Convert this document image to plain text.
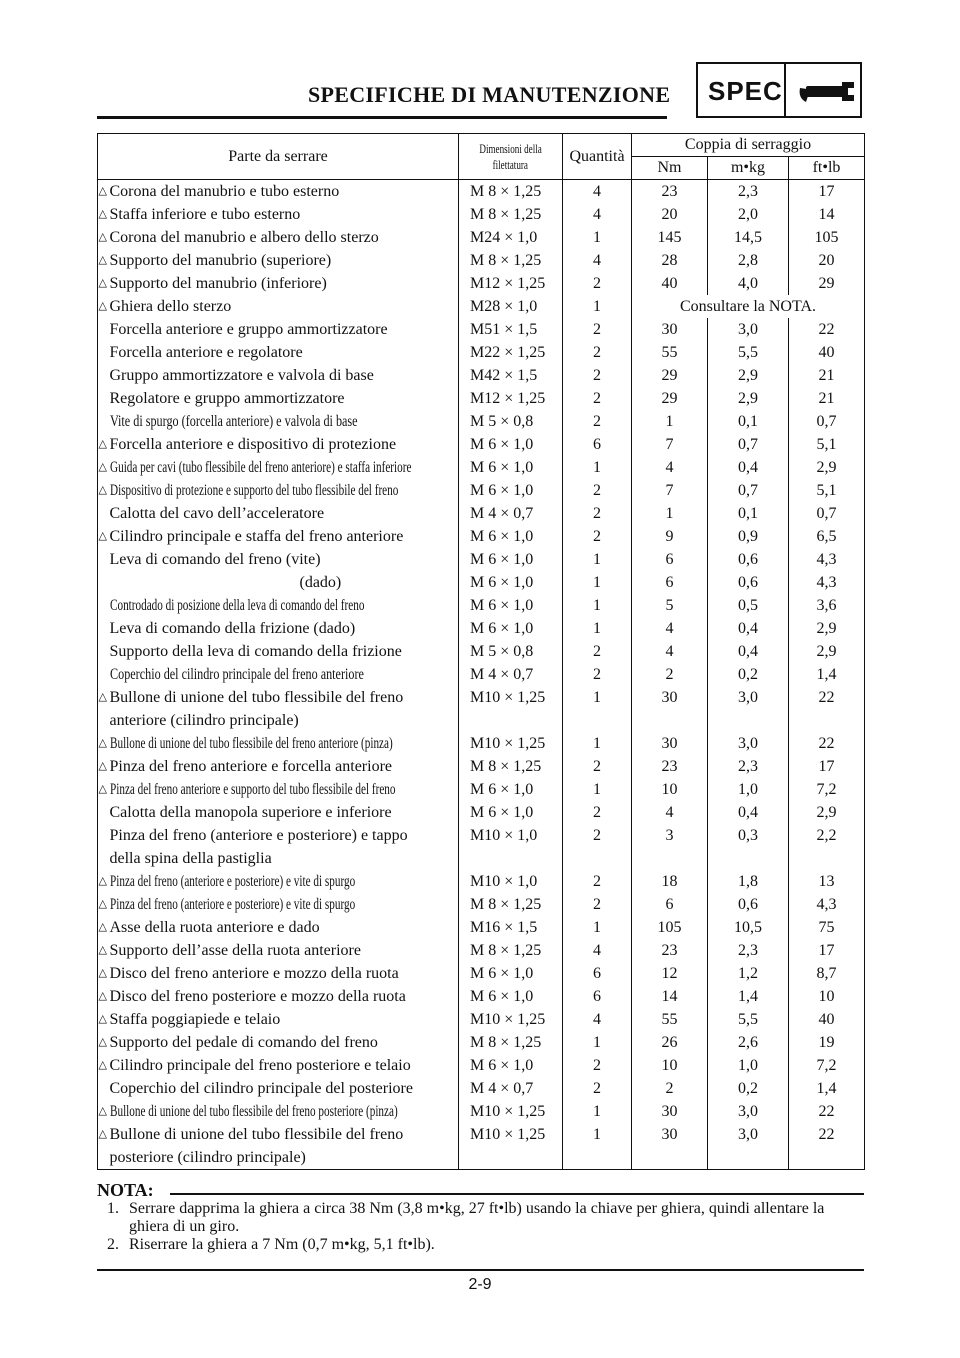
SPECIFICHE DI MANUTENZIONE SPEC
Parte da serrare		Dimensioni della
filettatura	Quantità	Coppia di serraggio		
				Nm	m•kg	ft•lb
△	Corona del manubrio e tubo esterno	M 8 × 1,25	4	23	2,3	17
△	Staffa inferiore e tubo esterno	M 8 × 1,25	4	20	2,0	14
△	Corona del manubrio e albero dello sterzo	M24 × 1,0	1	145	14,5	105
△	Supporto del manubrio (superiore)	M 8 × 1,25	4	28	2,8	20
△	Supporto del manubrio (inferiore)	M12 × 1,25	2	40	4,0	29
△	Ghiera dello sterzo	M28 × 1,0	1	Consultare la NOTA.		
	Forcella anteriore e gruppo ammortizzatore	M51 × 1,5	2	30	3,0	22
	Forcella anteriore e regolatore	M22 × 1,25	2	55	5,5	40
	Gruppo ammortizzatore e valvola di base	M42 × 1,5	2	29	2,9	21
	Regolatore e gruppo ammortizzatore	M12 × 1,25	2	29	2,9	21
	Vite di spurgo (forcella anteriore) e valvola di base	M 5 × 0,8	2	1	0,1	0,7
△	Forcella anteriore e dispositivo di protezione	M 6 × 1,0	6	7	0,7	5,1
△	Guida per cavi (tubo flessibile del freno anteriore) e staffa inferiore	M 6 × 1,0	1	4	0,4	2,9
△	Dispositivo di protezione e supporto del tubo flessibile del freno	M 6 × 1,0	2	7	0,7	5,1
	Calotta del cavo dell’acceleratore	M 4 × 0,7	2	1	0,1	0,7
△	Cilindro principale e staffa del freno anteriore	M 6 × 1,0	2	9	0,9	6,5
	Leva di comando del freno (vite)	M 6 × 1,0	1	6	0,6	4,3
	(dado)	M 6 × 1,0	1	6	0,6	4,3
	Controdado di posizione della leva di comando del freno	M 6 × 1,0	1	5	0,5	3,6
	Leva di comando della frizione (dado)	M 6 × 1,0	1	4	0,4	2,9
	Supporto della leva di comando della frizione	M 5 × 0,8	2	4	0,4	2,9
	Coperchio del cilindro principale del freno anteriore	M 4 × 0,7	2	2	0,2	1,4
△	Bullone di unione del tubo flessibile del freno
anteriore (cilindro principale)	M10 × 1,25	1	30	3,0	22
△	Bullone di unione del tubo flessibile del freno anteriore (pinza)	M10 × 1,25	1	30	3,0	22
△	Pinza del freno anteriore e forcella anteriore	M 8 × 1,25	2	23	2,3	17
△	Pinza del freno anteriore e supporto del tubo flessibile del freno	M 6 × 1,0	1	10	1,0	7,2
	Calotta della manopola superiore e inferiore	M 6 × 1,0	2	4	0,4	2,9
	Pinza del freno (anteriore e posteriore) e tappo
della spina della pastiglia	M10 × 1,0	2	3	0,3	2,2
△	Pinza del freno (anteriore e posteriore) e vite di spurgo	M10 × 1,0	2	18	1,8	13
△	Pinza del freno (anteriore e posteriore) e vite di spurgo	M 8 × 1,25	2	6	0,6	4,3
△	Asse della ruota anteriore e dado	M16 × 1,5	1	105	10,5	75
△	Supporto dell’asse della ruota anteriore	M 8 × 1,25	4	23	2,3	17
△	Disco del freno anteriore e mozzo della ruota	M 6 × 1,0	6	12	1,2	8,7
△	Disco del freno posteriore e mozzo della ruota	M 6 × 1,0	6	14	1,4	10
△	Staffa poggiapiede e telaio	M10 × 1,25	4	55	5,5	40
△	Supporto del pedale di comando del freno	M 8 × 1,25	1	26	2,6	19
△	Cilindro principale del freno posteriore e telaio	M 6 × 1,0	2	10	1,0	7,2
	Coperchio del cilindro principale del posteriore	M 4 × 0,7	2	2	0,2	1,4
△	Bullone di unione del tubo flessibile del freno posteriore (pinza)	M10 × 1,25	1	30	3,0	22
△	Bullone di unione del tubo flessibile del freno
posteriore (cilindro principale)	M10 × 1,25	1	30	3,0	22
NOTA:
1. Serrare dapprima la ghiera a circa 38 Nm (3,8 m•kg, 27 ft•lb) usando la chiave per ghiera, quindi allentare la ghiera di un giro.
2. Riserrare la ghiera a 7 Nm (0,7 m•kg, 5,1 ft•lb).
2-9
